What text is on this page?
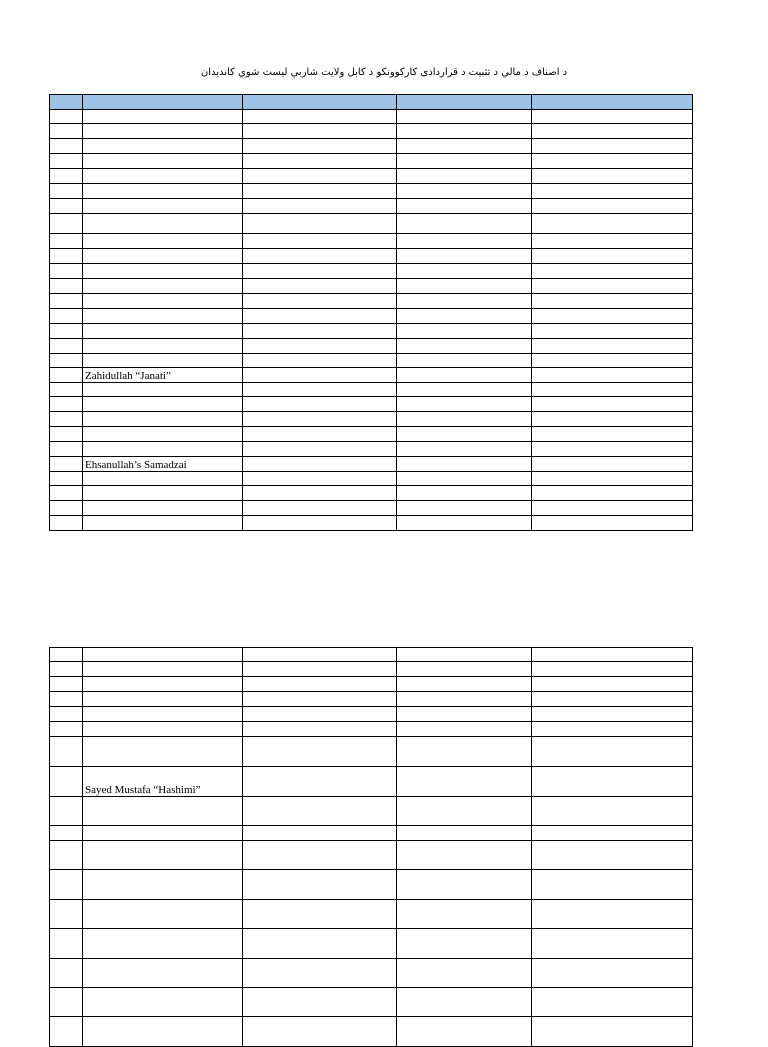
د اصناف د مالي د تثبیت د قراردادی کارکوونکو د کابل ولایت شاربې لیست شوي کاندیدان

	Zahidullah “Janati”			

	Ehsanullah’s Samadzai			

	Sayed Mustafa “Hashimi”			
